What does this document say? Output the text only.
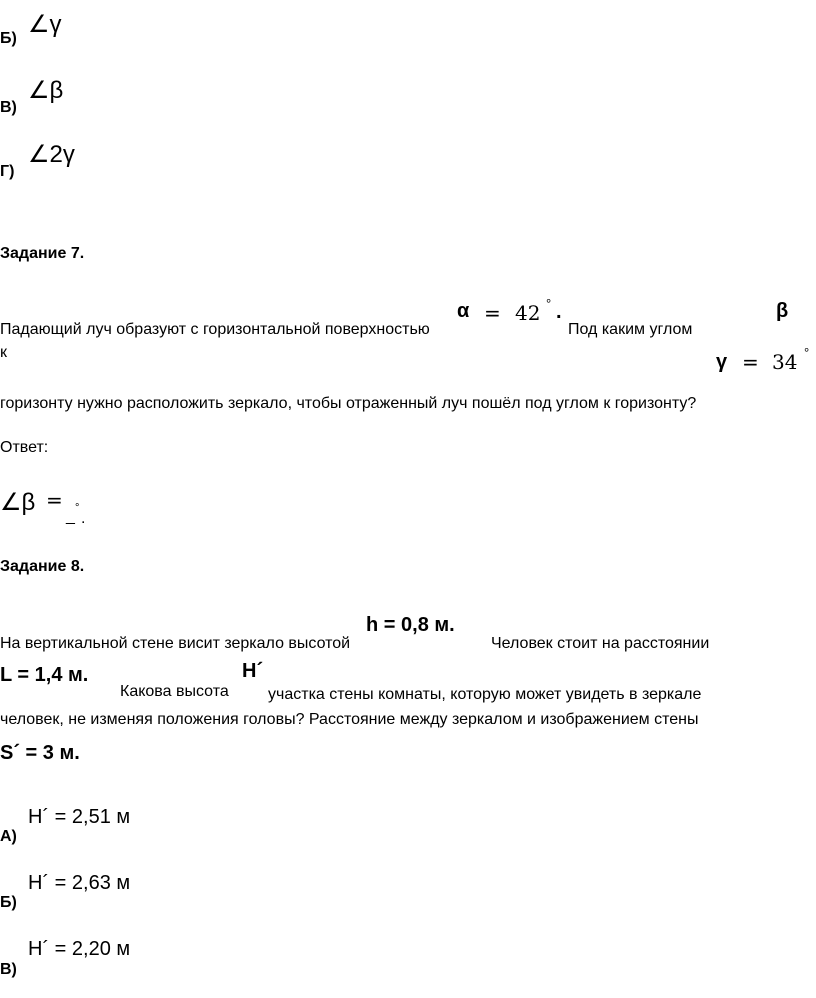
Б)
∠γ
В)
∠β
Г)
∠2γ
Задание 7.
Падающий луч образуют с горизонтальной поверхностью
α = 42 ° .
Под каким углом
β
к	γ = 34 °
горизонту нужно расположить зеркало, чтобы отраженный луч пошёл под углом к горизонту?
Ответ:
∠β =
_ °
.
Задание 8.
На вертикальной стене висит зеркало высотой
h = 0,8 м.
Человек стоит на расстоянии
L = 1,4 м.
Какова высота
H´
участка стены комнаты, которую может увидеть в зеркале
человек, не изменяя положения головы? Расстояние между зеркалом и изображением стены
S´ = 3 м.
А)
H´ = 2,51 м
Б)
H´ = 2,63 м
В)
H´ = 2,20 м
